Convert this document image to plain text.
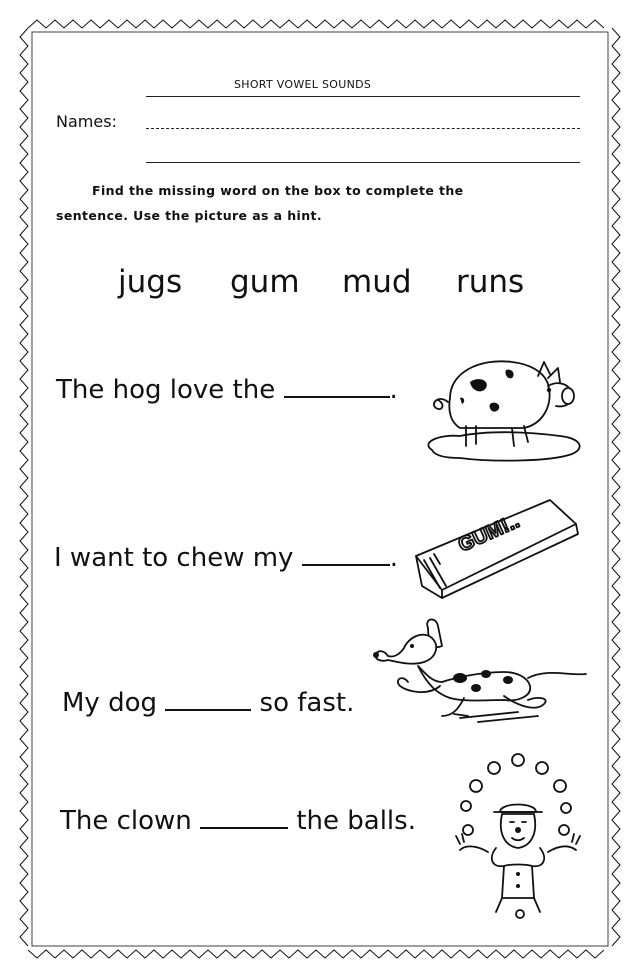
SHORT VOWEL SOUNDS
Names:
Find the missing word on the box to complete the
sentence. Use the picture as a hint.
jugs gum mud runs
The hog love the	.
I want to chew my	.
My dog	so fast.
The clown	the balls.
GUM!..
